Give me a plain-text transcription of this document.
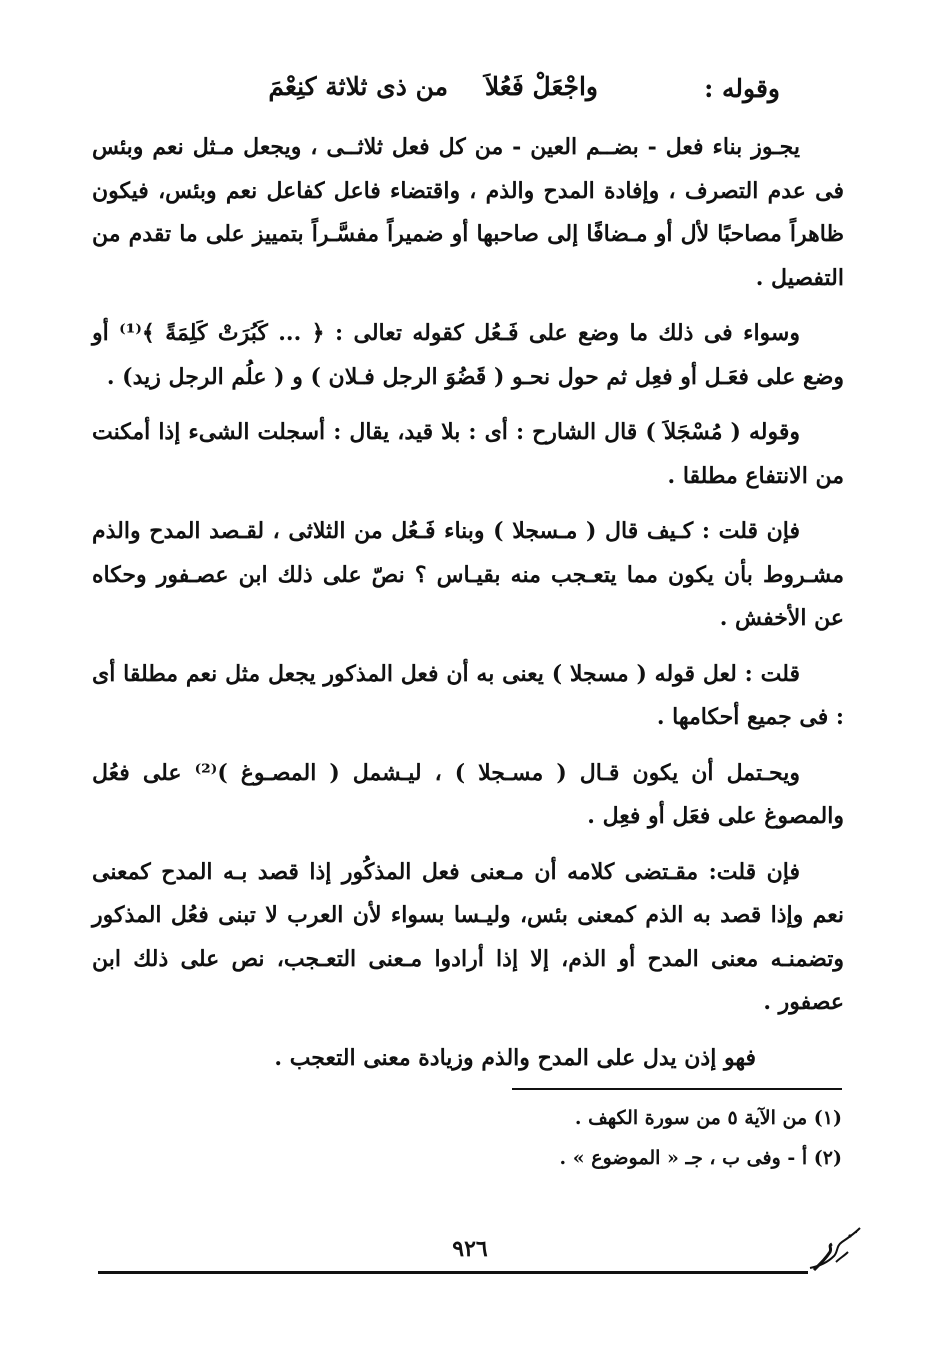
وقوله :
واجْعَلْ فَعُلاَ
من ذى ثلاثة كنِعْمَ

يجـوز بناء فعل - بضــم العين - من كل فعل ثلاثــى ، ويجعل مـثل نعم وبئس فى عدم التصرف ، وإفادة المدح والذم ، واقتضاء فاعل كفاعل نعم وبئس، فيكون ظاهراً مصاحبًا لأل أو مـضافًا إلى صاحبها أو ضميراً مفسَّـراً بتمييز على ما تقدم من التفصيل .

وسواء فى ذلك ما وضع على فَـعُل كقوله تعالى : ﴿ ... كَبُرَتْ كَلِمَةً ﴾⁽¹⁾ أو وضع على فعَـل أو فعِل ثم حول نحـو ( قَضُوَ الرجل فـلان ) و ( علُم الرجل زيد) .

وقوله ( مُسْجَلاَ ) قال الشارح : أى : بلا قيد، يقال : أسجلت الشىء إذا أمكنت من الانتفاع مطلقا .

فإن قلت : كـيف قال ( مـسجلا ) وبناء فَـعُل من الثلاثى ، لقـصد المدح والذم مشـروط بأن يكون مما يتعـجب منه بقيـاس ؟ نصّ على ذلك ابن عصـفور وحكاه عن الأخفش .

قلت : لعل قوله ( مسجلا ) يعنى به أن فعل المذكور يجعل مثل نعم مطلقا أى : فى جميع أحكامها .

ويحـتمل أن يكون قـال ( مسـجلا ) ، ليـشمل ( المصـوغ )⁽²⁾ على فعُل والمصوغ على فعَل أو فعِل .

فإن قلت: مقـتضى كلامه أن مـعنى فعل المذكُور إذا قصد بـه المدح كمعنى نعم وإذا قصد به الذم كمعنى بئس، وليـسا بسواء لأن العرب لا تبنى فعُل المذكور وتضمنـه معنى المدح أو الذم، إلا إذا أرادوا مـعنى التعـجب، نص على ذلك ابن عصفور .

فهو إذن يدل على المدح والذم وزيادة معنى التعجب .

(١) من الآية ٥ من سورة الكهف .
(٢) أ - وفى ب ، جـ « الموضوع » .
٩٢٦
